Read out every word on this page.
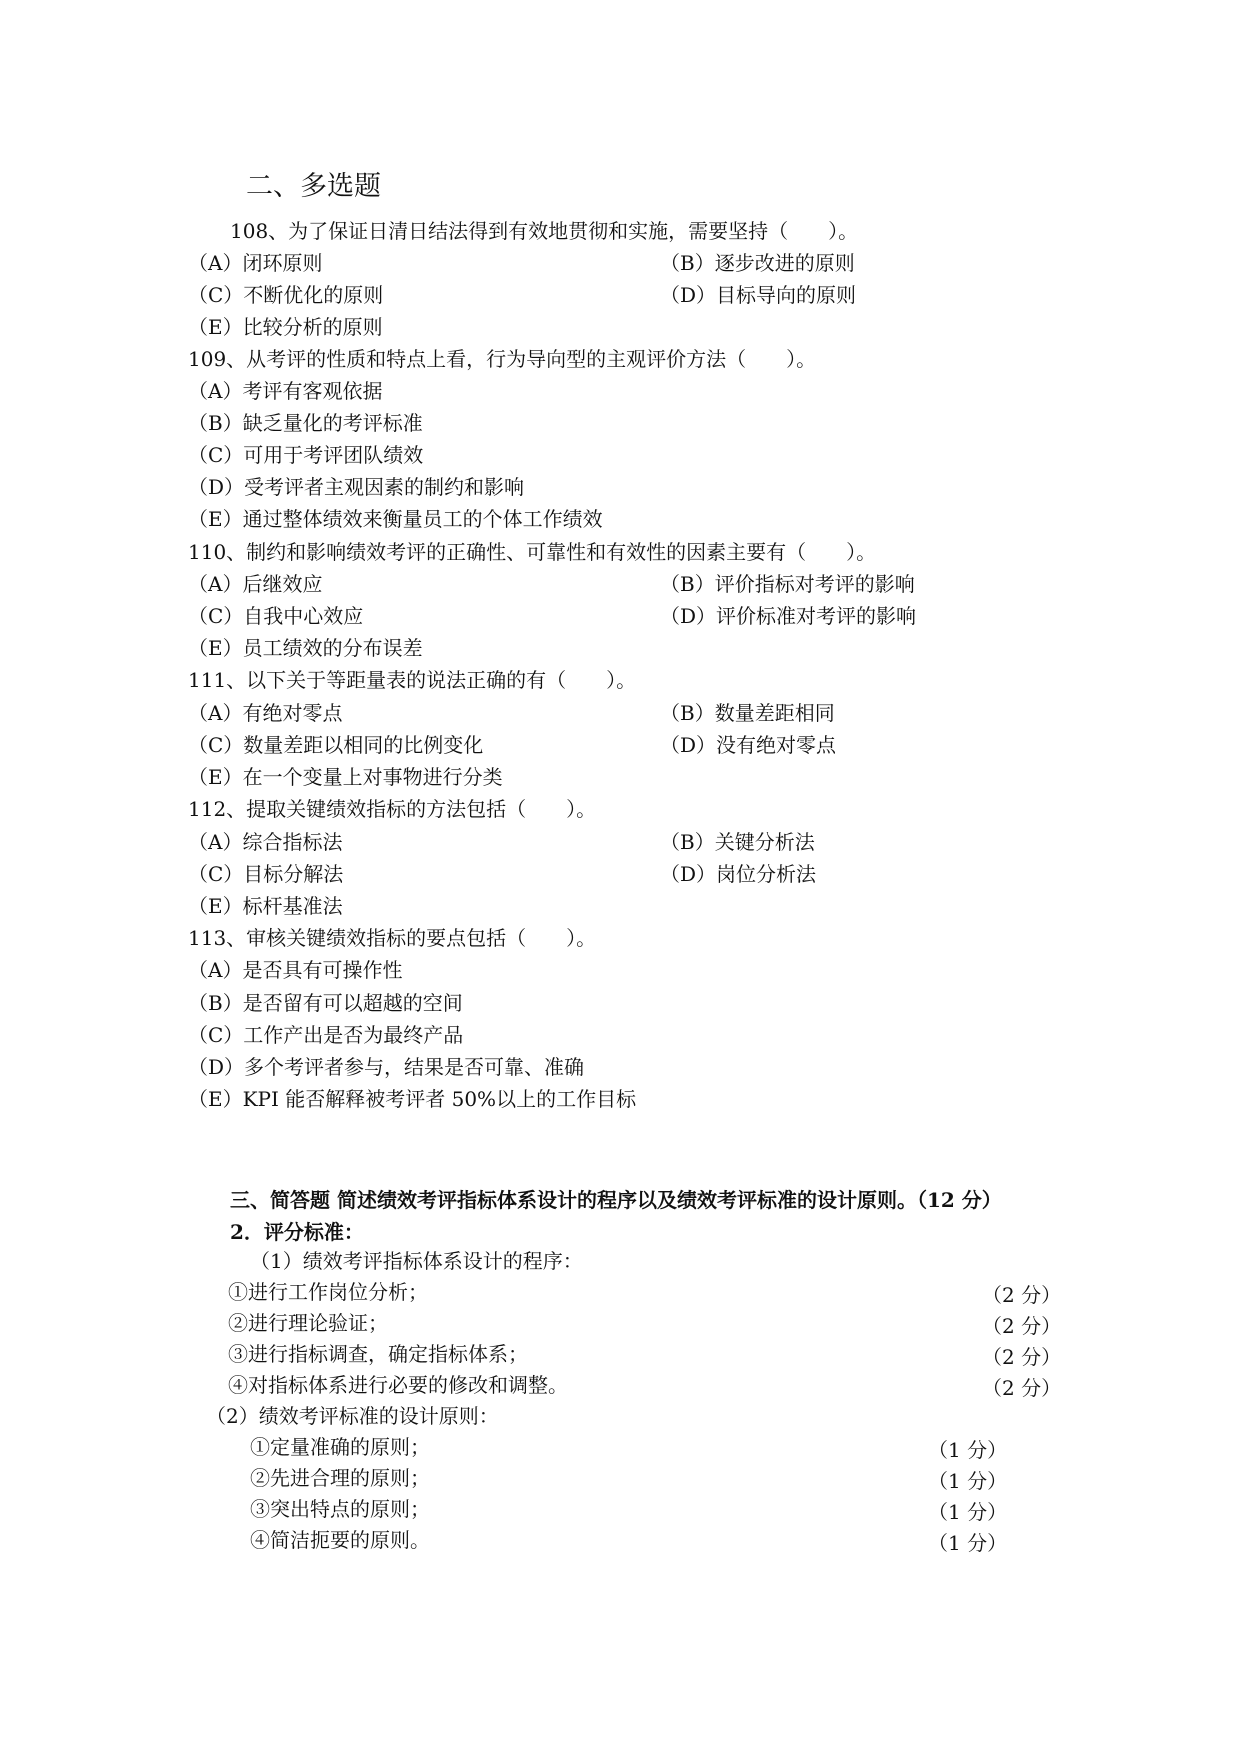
二、多选题
108、为了保证日清日结法得到有效地贯彻和实施，需要坚持（　　）。
（A）闭环原则	（B）逐步改进的原则
（C）不断优化的原则	（D）目标导向的原则
（E）比较分析的原则
109、从考评的性质和特点上看，行为导向型的主观评价方法（　　）。
（A）考评有客观依据
（B）缺乏量化的考评标准
（C）可用于考评团队绩效
（D）受考评者主观因素的制约和影响
（E）通过整体绩效来衡量员工的个体工作绩效
110、制约和影响绩效考评的正确性、可靠性和有效性的因素主要有（　　）。
（A）后继效应	（B）评价指标对考评的影响
（C）自我中心效应	（D）评价标准对考评的影响
（E）员工绩效的分布误差
111、以下关于等距量表的说法正确的有（　　）。
（A）有绝对零点	（B）数量差距相同
（C）数量差距以相同的比例变化	（D）没有绝对零点
（E）在一个变量上对事物进行分类
112、提取关键绩效指标的方法包括（　　）。
（A）综合指标法	（B）关键分析法
（C）目标分解法	（D）岗位分析法
（E）标杆基准法
113、审核关键绩效指标的要点包括（　　）。
（A）是否具有可操作性
（B）是否留有可以超越的空间
（C）工作产出是否为最终产品
（D）多个考评者参与，结果是否可靠、准确
（E）KPI 能否解释被考评者 50%以上的工作目标
三、简答题 简述绩效考评指标体系设计的程序以及绩效考评标准的设计原则。（12 分）
2．评分标准：
（1）绩效考评指标体系设计的程序：
①进行工作岗位分析；	（2 分）
②进行理论验证；	（2 分）
③进行指标调查，确定指标体系；	（2 分）
④对指标体系进行必要的修改和调整。	（2 分）
（2）绩效考评标准的设计原则：
①定量准确的原则；	（1 分）
②先进合理的原则；	（1 分）
③突出特点的原则；	（1 分）
④简洁扼要的原则。	（1 分）
